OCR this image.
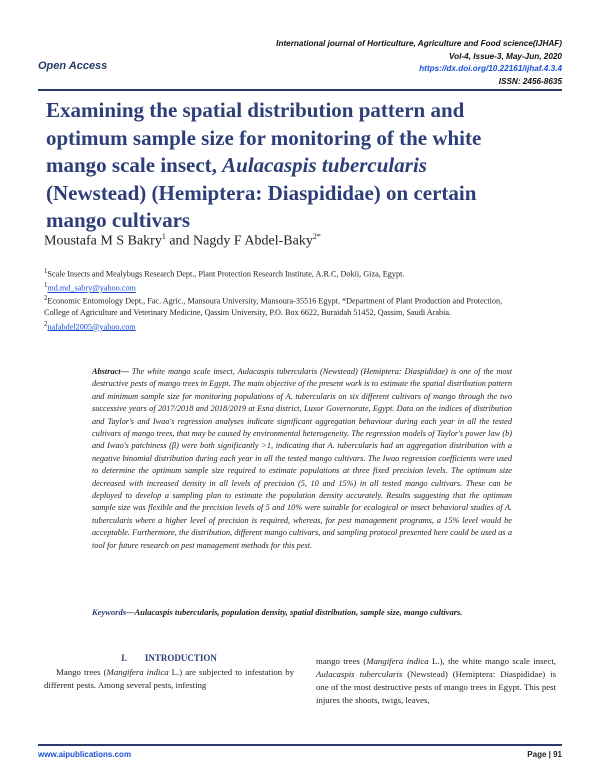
International journal of Horticulture, Agriculture and Food science(IJHAF)
Vol-4, Issue-3, May-Jun, 2020
https://dx.doi.org/10.22161/ijhaf.4.3.4
ISSN: 2456-8635
Open Access
Examining the spatial distribution pattern and
optimum sample size for monitoring of the white
mango scale insect, Aulacaspis tubercularis
(Newstead) (Hemiptera: Diaspididae) on certain
mango cultivars
Moustafa M S Bakry$^1$ and Nagdy F Abdel-Baky$^{2*}$
$^1$Scale Insects and Mealybugs Research Dept., Plant Protection Research Institute, A.R.C, Dokii, Giza, Egypt.
$^1$md.md_sabry@yahoo.com
$^2$Economic Entomology Dept., Fac. Agric., Mansoura University, Mansoura-35516 Egypt. *Department of Plant Production and Protection,
College of Agriculture and Veterinary Medicine, Qassim University, P.O. Box 6622, Buraidah 51452, Qassim, Saudi Arabia.
$^2$nafabdel2005@yahoo.com

Abstract— The white mango scale insect, Aulacaspis tubercularis (Newstead) (Hemiptera: Diaspididae) is one of the most destructive pests of mango trees in Egypt. The main objective of the present work is to estimate the spatial distribution pattern and minimum sample size for monitoring populations of A. tubercularis on six different cultivars of mango through the two successive years of 2017/2018 and 2018/2019 at Esna district, Luxor Governorate, Egypt. Data on the indices of distribution and Taylor's and Iwao's regression analyses indicate significant aggregation behaviour during each year in all the tested cultivars of mango trees, that may be caused by environmental heterogeneity. The regression models of Taylor's power law (b) and Iwao's patchiness (β) were both significantly >1, indicating that A. tubercularis had an aggregation distribution with a negative binomial distribution during each year in all the tested mango cultivars. The Iwao regression coefficients were used to determine the optimum sample size required to estimate populations at three fixed precision levels. The optimum size decreased with increased density in all levels of precision (5, 10 and 15%) in all tested mango cultivars. These can be deployed to develop a sampling plan to estimate the population density accurately. Results suggesting that the optimum sample size was flexible and the precision levels of 5 and 10% were suitable for ecological or insect behavioral studies of A. tubercularis where a higher level of precision is required, whereas, for pest management programs, a 15% level would be acceptable. Furthermore, the distribution, different mango cultivars, and sampling protocol presented here could be used as a tool for future research on pest management methods for this pest.

Keywords—Aulacaspis tubercularis, population density, spatial distribution, sample size, mango cultivars.

I. INTRODUCTION

Mango trees (Mangifera indica L.) are subjected to infestation by different pests. Among several pests, infesting

mango trees (Mangifera indica L.), the white mango scale insect, Aulacaspis tubercularis (Newstead) (Hemiptera: Diaspididae) is one of the most destructive pests of mango trees in Egypt. This pest injures the shoots, twigs, leaves,

www.aipublications.com	Page | 91
